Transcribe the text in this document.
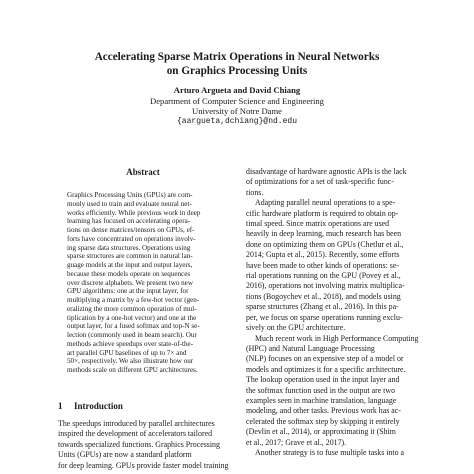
Accelerating Sparse Matrix Operations in Neural Networks
on Graphics Processing Units
Arturo Argueta and David Chiang
Department of Computer Science and Engineering
University of Notre Dame
{aargueta,dchiang}@nd.edu
Abstract
Graphics Processing Units (GPUs) are com-
monly used to train and evaluate neural net-
works efficiently. While previous work in deep
learning has focused on accelerating opera-
tions on dense matrices/tensors on GPUs, ef-
forts have concentrated on operations involv-
ing sparse data structures. Operations using
sparse structures are common in natural lan-
guage models at the input and output layers,
because these models operate on sequences
over discrete alphabets. We present two new
GPU algorithms: one at the input layer, for
multiplying a matrix by a few-hot vector (gen-
eralizing the more common operation of mul-
tiplication by a one-hot vector) and one at the
output layer, for a fused softmax and top-N se-
lection (commonly used in beam search). Our
methods achieve speedups over state-of-the-
art parallel GPU baselines of up to 7× and
50×, respectively. We also illustrate how our
methods scale on different GPU architectures.
1 Introduction
The speedups introduced by parallel architectures
inspired the development of accelerators tailored
towards specialized functions. Graphics Processing
Units (GPUs) are now a standard platform
for deep learning. GPUs provide faster model training
disadvantage of hardware agnostic APIs is the lack
of optimizations for a set of task-specific func-
tions.
Adapting parallel neural operations to a spe-
cific hardware platform is required to obtain op-
timal speed. Since matrix operations are used
heavily in deep learning, much research has been
done on optimizing them on GPUs (Chetlur et al.,
2014; Gupta et al., 2015). Recently, some efforts
have been made to other kinds of operations: se-
rial operations running on the GPU (Povey et al.,
2016), operations not involving matrix multiplica-
tions (Bogoychev et al., 2018), and models using
sparse structures (Zhang et al., 2016). In this pa-
per, we focus on sparse operations running exclu-
sively on the GPU architecture.
Much recent work in High Performance Computing
(HPC) and Natural Language Processing
(NLP) focuses on an expensive step of a model or
models and optimizes it for a specific architecture.
The lookup operation used in the input layer and
the softmax function used in the output are two
examples seen in machine translation, language
modeling, and other tasks. Previous work has ac-
celerated the softmax step by skipping it entirely
(Devlin et al., 2014), or approximating it (Shim
et al., 2017; Grave et al., 2017).
Another strategy is to fuse multiple tasks into a
